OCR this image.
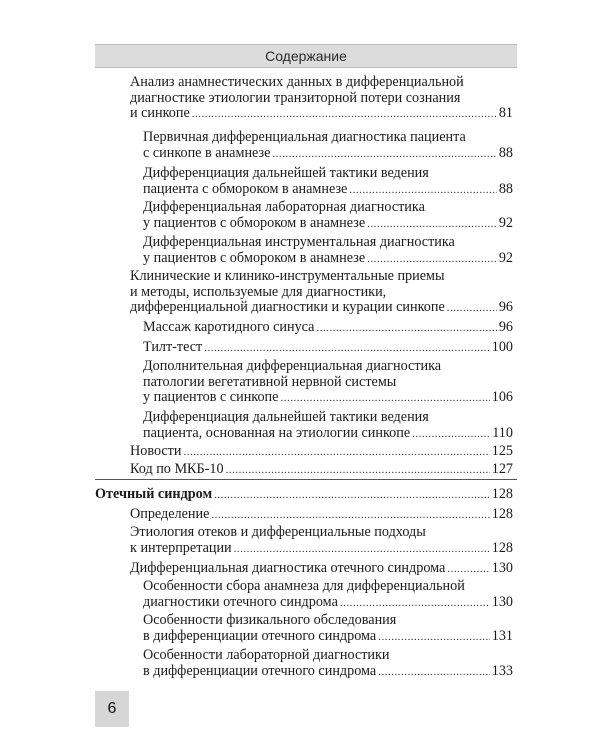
Содержание
Анализ анамнестических данных в дифференциальной
диагностике этиологии транзиторной потери сознания
и синкопе .....	81
Первичная дифференциальная диагностика пациента
с синкопе в анамнезе .....	88
Дифференциация дальнейшей тактики ведения
пациента с обмороком в анамнезе .....	88
Дифференциальная лабораторная диагностика
у пациентов с обмороком в анамнезе .....	92
Дифференциальная инструментальная диагностика
у пациентов с обмороком в анамнезе .....	92
Клинические и клинико-инструментальные приемы
и методы, используемые для диагностики,
дифференциальной диагностики и курации синкопе .....	96
Массаж каротидного синуса .....	96
Тилт-тест .....	100
Дополнительная дифференциальная диагностика
патологии вегетативной нервной системы
у пациентов с синкопе .....	106
Дифференциация дальнейшей тактики ведения
пациента, основанная на этиологии синкопе .....	110
Новости .....	125
Код по МКБ-10 .....	127
Отечный синдром .....	128
Определение .....	128
Этиология отеков и дифференциальные подходы
к интерпретации .....	128
Дифференциальная диагностика отечного синдрома .....	130
Особенности сбора анамнеза для дифференциальной
диагностики отечного синдрома .....	130
Особенности физикального обследования
в дифференциации отечного синдрома .....	131
Особенности лабораторной диагностики
в дифференциации отечного синдрома .....	133
6
